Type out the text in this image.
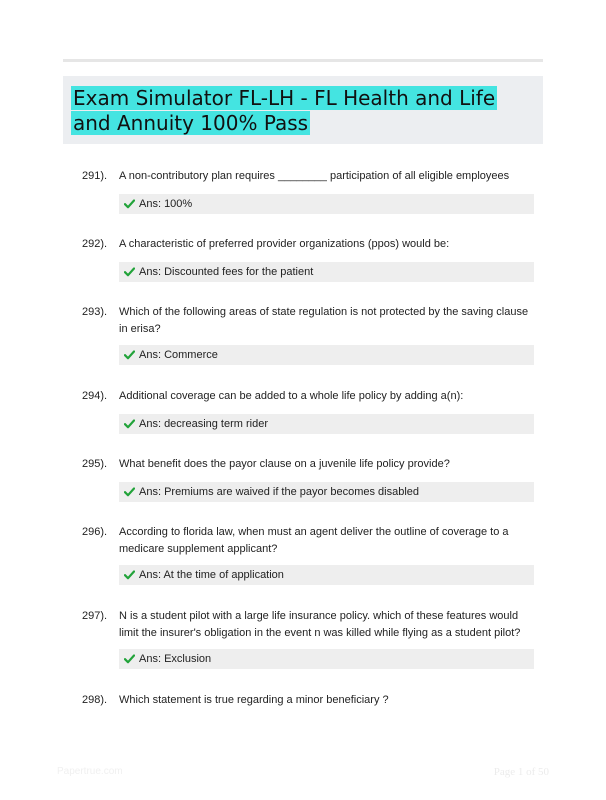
Exam Simulator FL-LH - FL Health and Life and Annuity 100% Pass
291). A non-contributory plan requires ________ participation of all eligible employees
Ans: 100%
292). A characteristic of preferred provider organizations (ppos) would be:
Ans: Discounted fees for the patient
293). Which of the following areas of state regulation is not protected by the saving clause in erisa?
Ans: Commerce
294). Additional coverage can be added to a whole life policy by adding a(n):
Ans: decreasing term rider
295). What benefit does the payor clause on a juvenile life policy provide?
Ans: Premiums are waived if the payor becomes disabled
296). According to florida law, when must an agent deliver the outline of coverage to a medicare supplement applicant?
Ans: At the time of application
297). N is a student pilot with a large life insurance policy. which of these features would limit the insurer's obligation in the event n was killed while flying as a student pilot?
Ans: Exclusion
298). Which statement is true regarding a minor beneficiary ?
Papertrue.com	Page 1 of 50
